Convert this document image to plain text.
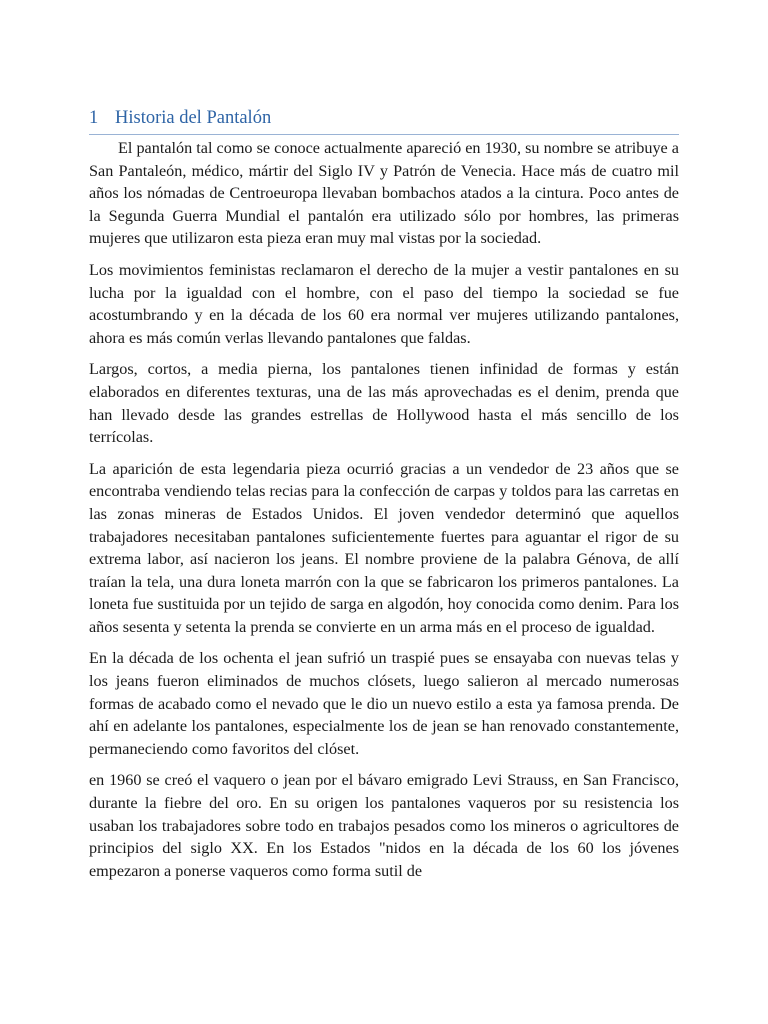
1 Historia del Pantalón

El pantalón tal como se conoce actualmente apareció en 1930, su nombre se atribuye a San Pantaleón, médico, mártir del Siglo IV y Patrón de Venecia. Hace más de cuatro mil años los nómadas de Centroeuropa llevaban bombachos atados a la cintura. Poco antes de la Segunda Guerra Mundial el pantalón era utilizado sólo por hombres, las primeras mujeres que utilizaron esta pieza eran muy mal vistas por la sociedad.

Los movimientos feministas reclamaron el derecho de la mujer a vestir pantalones en su lucha por la igualdad con el hombre, con el paso del tiempo la sociedad se fue acostumbrando y en la década de los 60 era normal ver mujeres utilizando pantalones, ahora es más común verlas llevando pantalones que faldas.

Largos, cortos, a media pierna, los pantalones tienen infinidad de formas y están elaborados en diferentes texturas, una de las más aprovechadas es el denim, prenda que han llevado desde las grandes estrellas de Hollywood hasta el más sencillo de los terrícolas.

La aparición de esta legendaria pieza ocurrió gracias a un vendedor de 23 años que se encontraba vendiendo telas recias para la confección de carpas y toldos para las carretas en las zonas mineras de Estados Unidos. El joven vendedor determinó que aquellos trabajadores necesitaban pantalones suficientemente fuertes para aguantar el rigor de su extrema labor, así nacieron los jeans. El nombre proviene de la palabra Génova, de allí traían la tela, una dura loneta marrón con la que se fabricaron los primeros pantalones. La loneta fue sustituida por un tejido de sarga en algodón, hoy conocida como denim. Para los años sesenta y setenta la prenda se convierte en un arma más en el proceso de igualdad.

En la década de los ochenta el jean sufrió un traspié pues se ensayaba con nuevas telas y los jeans fueron eliminados de muchos clósets, luego salieron al mercado numerosas formas de acabado como el nevado que le dio un nuevo estilo a esta ya famosa prenda. De ahí en adelante los pantalones, especialmente los de jean se han renovado constantemente, permaneciendo como favoritos del clóset.

en 1960 se creó el vaquero o jean por el bávaro emigrado Levi Strauss, en San Francisco, durante la fiebre del oro. En su origen los pantalones vaqueros por su resistencia los usaban los trabajadores sobre todo en trabajos pesados como los mineros o agricultores de principios del siglo XX. En los Estados "nidos en la década de los 60 los jóvenes empezaron a ponerse vaqueros como forma sutil de
